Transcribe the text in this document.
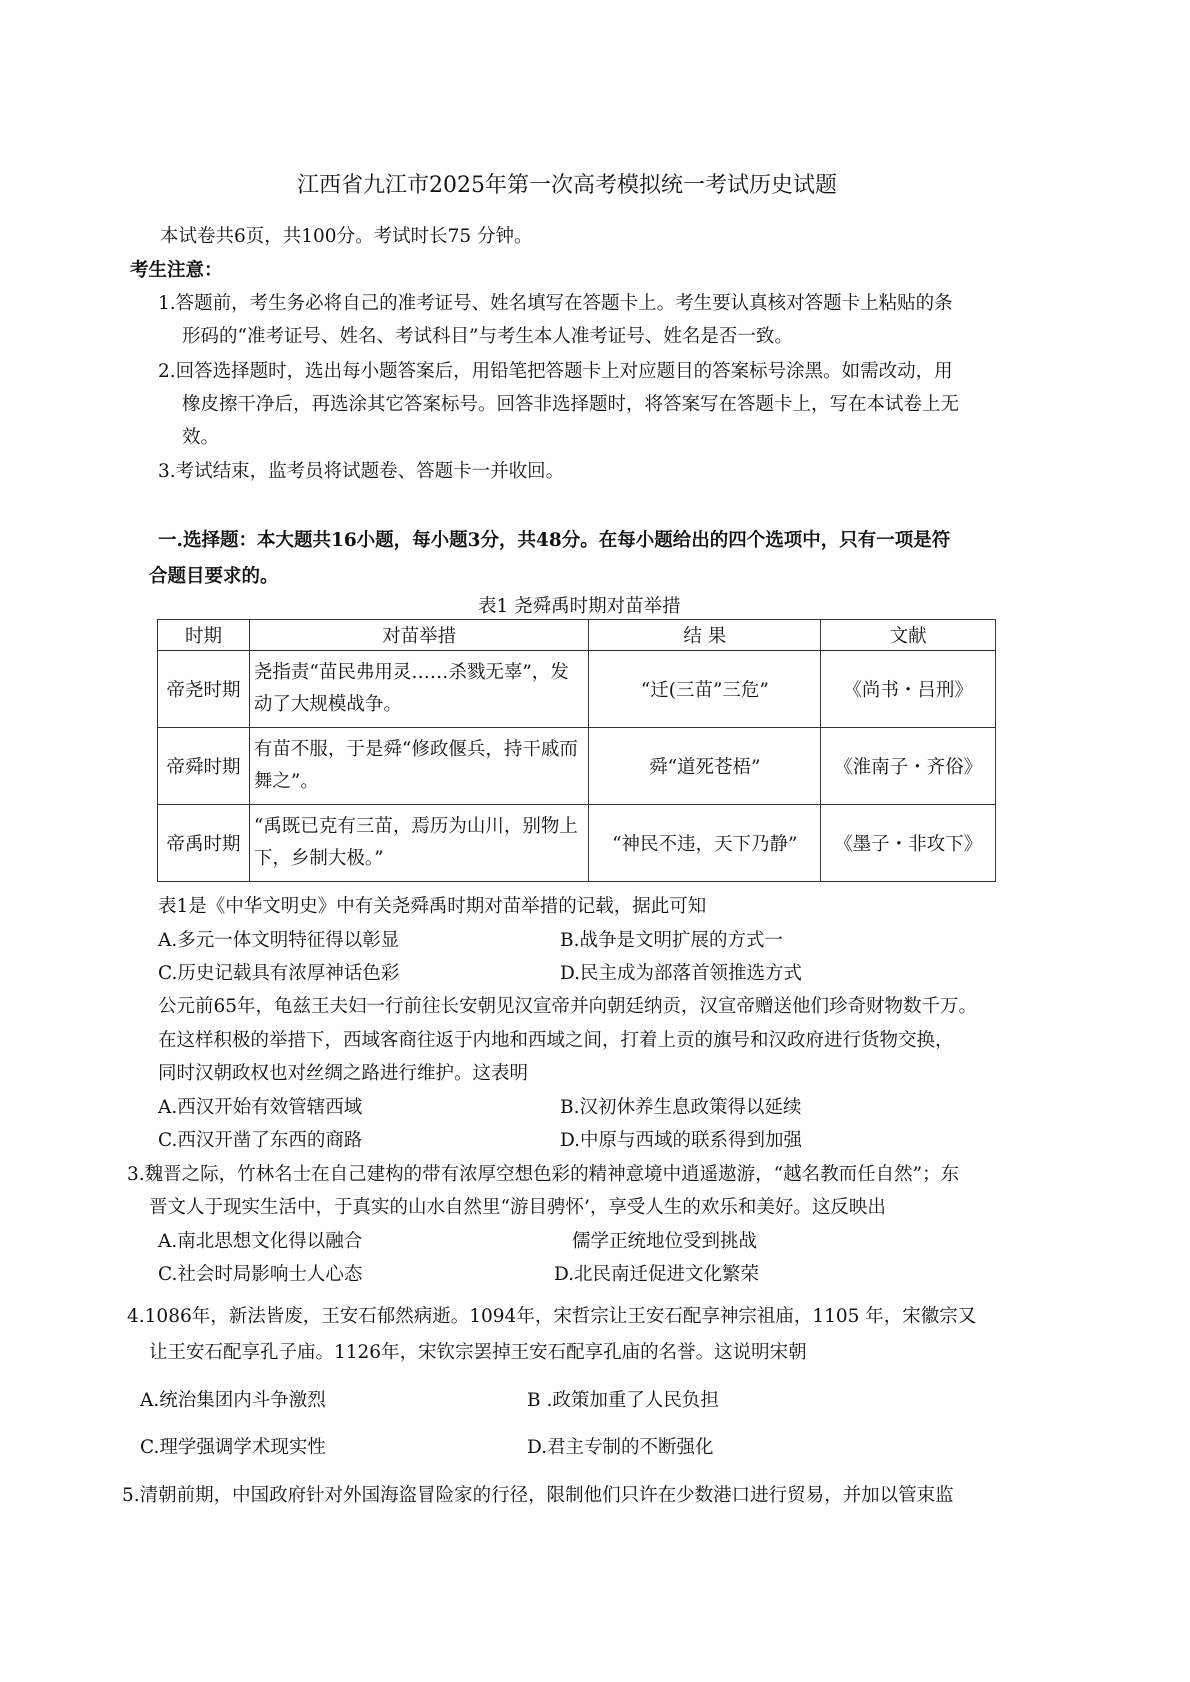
江西省九江市2025年第一次高考模拟统一考试历史试题
本试卷共6页，共100分。考试时长75 分钟。
考生注意：
1.答题前，考生务必将自己的准考证号、姓名填写在答题卡上。考生要认真核对答题卡上粘贴的条
形码的“准考证号、姓名、考试科目”与考生本人准考证号、姓名是否一致。
2.回答选择题时，选出每小题答案后，用铅笔把答题卡上对应题目的答案标号涂黑。如需改动，用
橡皮擦干净后，再选涂其它答案标号。回答非选择题时，将答案写在答题卡上，写在本试卷上无
效。
3.考试结束，监考员将试题卷、答题卡一并收回。
一.选择题：本大题共16小题，每小题3分，共48分。在每小题给出的四个选项中，只有一项是符
合题目要求的。
表1 尧舜禹时期对苗举措
时期	对苗举措	结 果	文献
帝尧时期	尧指责“苗民弗用灵……杀戮无辜”，发动了大规模战争。	“迁(三苗”三危”	《尚书・吕刑》
帝舜时期	有苗不服，于是舜“修政偃兵，持干戚而舞之”。	舜“道死苍梧”	《淮南子・齐俗》
帝禹时期	“禹既已克有三苗，焉历为山川，别物上下，乡制大极。”	“神民不违，天下乃静”	《墨子・非攻下》
表1是《中华文明史》中有关尧舜禹时期对苗举措的记载，据此可知
A.多元一体文明特征得以彰显	B.战争是文明扩展的方式一
C.历史记载具有浓厚神话色彩	D.民主成为部落首领推选方式
公元前65年，龟兹王夫妇一行前往长安朝见汉宣帝并向朝廷纳贡，汉宣帝赠送他们珍奇财物数千万。
在这样积极的举措下，西域客商往返于内地和西域之间，打着上贡的旗号和汉政府进行货物交换，
同时汉朝政权也对丝绸之路进行维护。这表明
A.西汉开始有效管辖西域	B.汉初休养生息政策得以延续
C.西汉开凿了东西的商路	D.中原与西域的联系得到加强
3.魏晋之际，竹林名士在自己建构的带有浓厚空想色彩的精神意境中逍遥遨游，“越名教而任自然”；东
晋文人于现实生活中，于真实的山水自然里“游目骋怀’，享受人生的欢乐和美好。这反映出
A.南北思想文化得以融合	儒学正统地位受到挑战
C.社会时局影响士人心态	D.北民南迁促进文化繁荣
4.1086年，新法皆废，王安石郁然病逝。1094年，宋哲宗让王安石配享神宗祖庙，1105 年，宋徽宗又
让王安石配享孔子庙。1126年，宋钦宗罢掉王安石配享孔庙的名誉。这说明宋朝
A.统治集团内斗争激烈	B .政策加重了人民负担
C.理学强调学术现实性	D.君主专制的不断强化
5.清朝前期，中国政府针对外国海盗冒险家的行径，限制他们只许在少数港口进行贸易，并加以管束监
